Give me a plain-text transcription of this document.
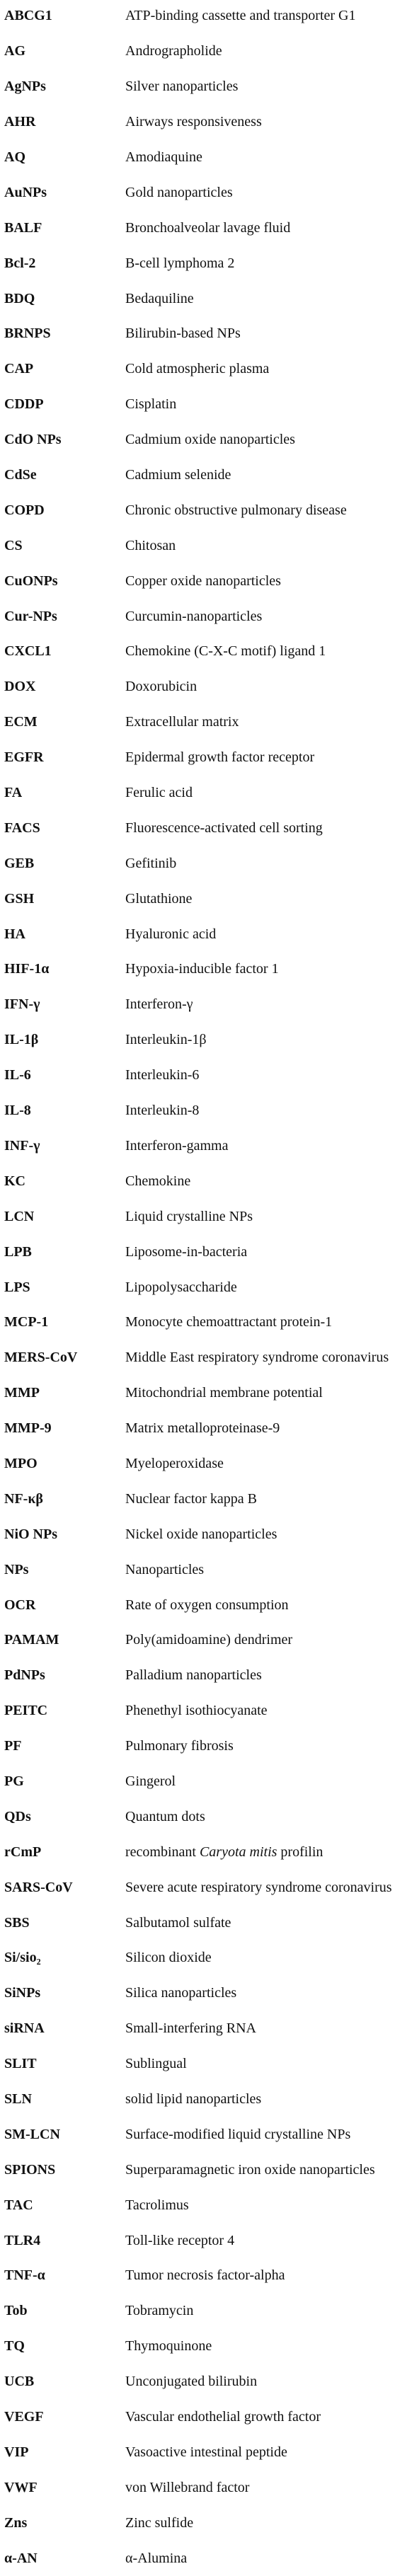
ABCG1	ATP-binding cassette and transporter G1
AG	Andrographolide
AgNPs	Silver nanoparticles
AHR	Airways responsiveness
AQ	Amodiaquine
AuNPs	Gold nanoparticles
BALF	Bronchoalveolar lavage fluid
Bcl-2	B-cell lymphoma 2
BDQ	Bedaquiline
BRNPS	Bilirubin-based NPs
CAP	Cold atmospheric plasma
CDDP	Cisplatin
CdO NPs	Cadmium oxide nanoparticles
CdSe	Cadmium selenide
COPD	Chronic obstructive pulmonary disease
CS	Chitosan
CuONPs	Copper oxide nanoparticles
Cur-NPs	Curcumin-nanoparticles
CXCL1	Chemokine (C-X-C motif) ligand 1
DOX	Doxorubicin
ECM	Extracellular matrix
EGFR	Epidermal growth factor receptor
FA	Ferulic acid
FACS	Fluorescence-activated cell sorting
GEB	Gefitinib
GSH	Glutathione
HA	Hyaluronic acid
HIF-1α	Hypoxia-inducible factor 1
IFN-γ	Interferon-γ
IL-1β	Interleukin-1β
IL-6	Interleukin-6
IL-8	Interleukin-8
INF-γ	Interferon-gamma
KC	Chemokine
LCN	Liquid crystalline NPs
LPB	Liposome-in-bacteria
LPS	Lipopolysaccharide
MCP-1	Monocyte chemoattractant protein-1
MERS-CoV	Middle East respiratory syndrome coronavirus
MMP	Mitochondrial membrane potential
MMP-9	Matrix metalloproteinase-9
MPO	Myeloperoxidase
NF-κβ	Nuclear factor kappa B
NiO NPs	Nickel oxide nanoparticles
NPs	Nanoparticles
OCR	Rate of oxygen consumption
PAMAM	Poly(amidoamine) dendrimer
PdNPs	Palladium nanoparticles
PEITC	Phenethyl isothiocyanate
PF	Pulmonary fibrosis
PG	Gingerol
QDs	Quantum dots
rCmP	recombinant Caryota mitis profilin
SARS-CoV	Severe acute respiratory syndrome coronavirus
SBS	Salbutamol sulfate
Si/sio₂	Silicon dioxide
SiNPs	Silica nanoparticles
siRNA	Small-interfering RNA
SLIT	Sublingual
SLN	solid lipid nanoparticles
SM-LCN	Surface-modified liquid crystalline NPs
SPIONS	Superparamagnetic iron oxide nanoparticles
TAC	Tacrolimus
TLR4	Toll-like receptor 4
TNF-α	Tumor necrosis factor-alpha
Tob	Tobramycin
TQ	Thymoquinone
UCB	Unconjugated bilirubin
VEGF	Vascular endothelial growth factor
VIP	Vasoactive intestinal peptide
VWF	von Willebrand factor
Zns	Zinc sulfide
α-AN	α-Alumina
